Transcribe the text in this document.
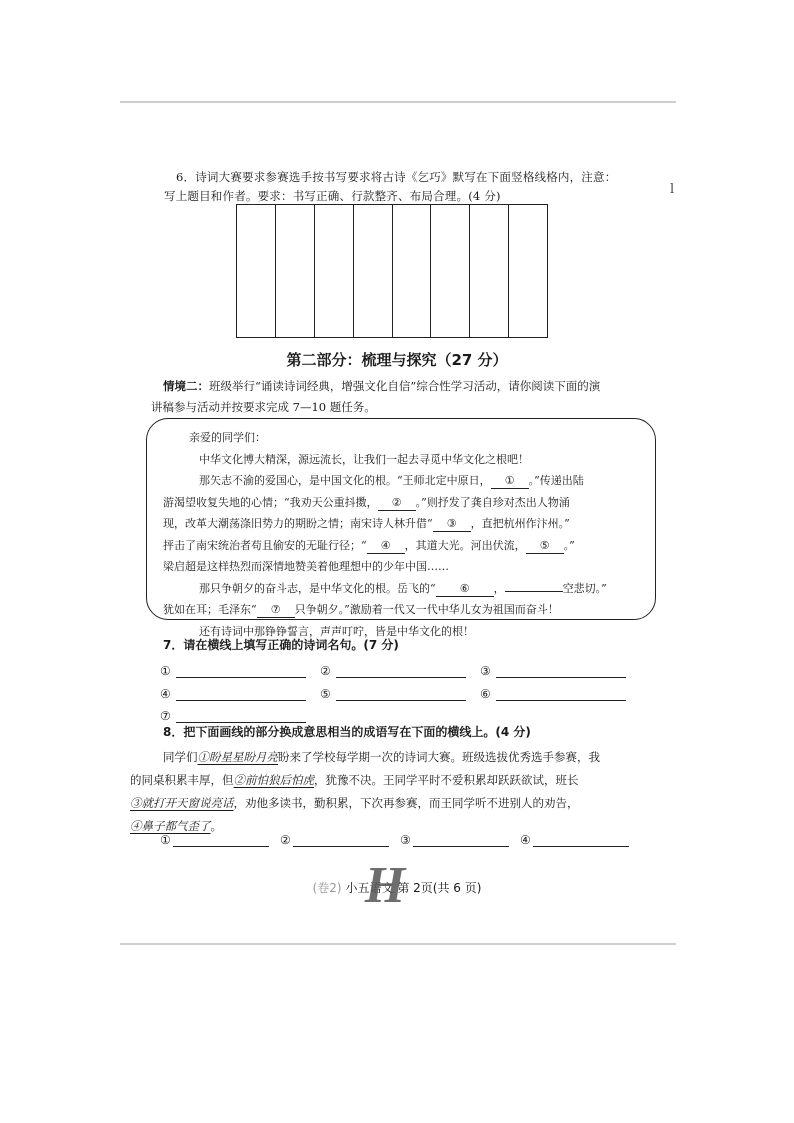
6．诗词大赛要求参赛选手按书写要求将古诗《乞巧》默写在下面竖格线格内，注意：
写上题目和作者。要求：书写正确、行款整齐、布局合理。(4 分)	l
第二部分：梳理与探究（27 分）
情境二：班级举行“诵读诗词经典，增强文化自信”综合性学习活动，请你阅读下面的演
讲稿参与活动并按要求完成 7—10 题任务。

亲爱的同学们：

中华文化博大精深，源远流长，让我们一起去寻觅中华文化之根吧！

那矢志不渝的爱国心，是中国文化的根。“王师北定中原日， ① 。”传递出陆

游渴望收复失地的心情；“我劝天公重抖擞， ② 。”则抒发了龚自珍对杰出人物涌

现，改革大潮荡涤旧势力的期盼之情；南宋诗人林升借“ ③ ，直把杭州作汴州。”

抨击了南宋统治者苟且偷安的无耻行径；“ ④ ，其道大光。河出伏流， ⑤ 。”

梁启超是这样热烈而深情地赞美着他理想中的少年中国……

那只争朝夕的奋斗志，是中华文化的根。岳飞的“ ⑥ ，	空悲切。”

犹如在耳；毛泽东“ ⑦ 只争朝夕。”激励着一代又一代中华儿女为祖国而奋斗！

还有诗词中那铮铮誓言，声声叮咛，皆是中华文化的根！

7．请在横线上填写正确的诗词名句。(7 分)

①	②	③
④	⑤	⑥
⑦

8．把下面画线的部分换成意思相当的成语写在下面的横线上。(4 分)

同学们①盼星星盼月亮盼来了学校每学期一次的诗词大赛。班级选拔优秀选手参赛，我
的同桌积累丰厚，但②前怕狼后怕虎，犹豫不决。王同学平时不爱积累却跃跃欲试，班长
③就打开天窗说亮话，劝他多读书，勤积累，下次再参赛，而王同学听不进别人的劝告，
④鼻子都气歪了。
①	②	③	④
(卷2) 小五语文 第 2页(共 6 页)
H
